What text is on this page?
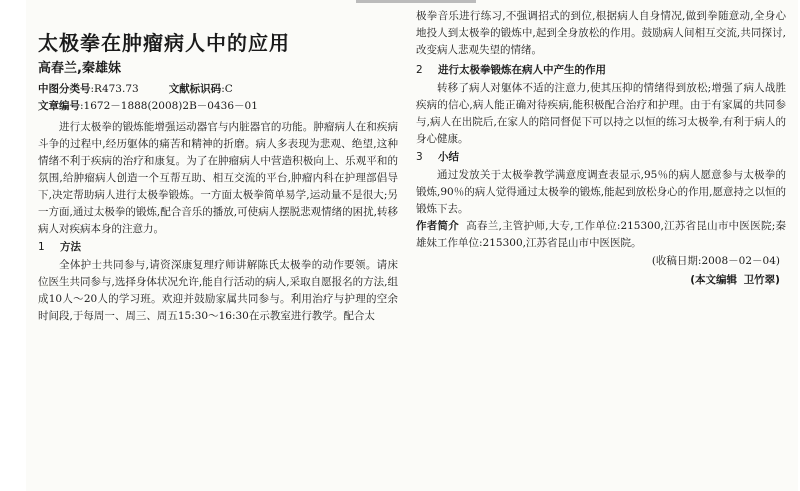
太极拳在肿瘤病人中的应用
高春兰,秦雄妹

中图分类号:R473.73	文献标识码:C

文章编号:1672－1888(2008)2B－0436－01

进行太极拳的锻炼能增强运动器官与内脏器官的功能。肿瘤病人在和疾病斗争的过程中,经历躯体的痛苦和精神的折磨。病人多表现为悲观、绝望,这种情绪不利于疾病的治疗和康复。为了在肿瘤病人中营造积极向上、乐观平和的氛围,给肿瘤病人创造一个互帮互助、相互交流的平台,肿瘤内科在护理部倡导下,决定帮助病人进行太极拳锻炼。一方面太极拳简单易学,运动量不是很大;另一方面,通过太极拳的锻炼,配合音乐的播放,可使病人摆脱悲观情绪的困扰,转移病人对疾病本身的注意力。

1 方法

全体护士共同参与,请资深康复理疗师讲解陈氏太极拳的动作要领。请床位医生共同参与,选择身体状况允许,能自行活动的病人,采取自愿报名的方法,组成10人～20人的学习班。欢迎并鼓励家属共同参与。利用治疗与护理的空余时间段,于每周一、周三、周五15:30～16:30在示教室进行教学。配合太

极拳音乐进行练习,不强调招式的到位,根据病人自身情况,做到拳随意动,全身心地投人到太极拳的锻炼中,起到全身放松的作用。鼓励病人间相互交流,共同探讨,改变病人悲观失望的情绪。

2 进行太极拳锻炼在病人中产生的作用

转移了病人对躯体不适的注意力,使其压抑的情绪得到放松;增强了病人战胜疾病的信心,病人能正确对待疾病,能积极配合治疗和护理。由于有家属的共同参与,病人在出院后,在家人的陪同督促下可以持之以恒的练习太极拳,有利于病人的身心健康。

3 小结

通过发放关于太极拳教学满意度调查表显示,95％的病人愿意参与太极拳的锻炼,90％的病人觉得通过太极拳的锻炼,能起到放松身心的作用,愿意持之以恒的锻炼下去。

作者简介 高春兰,主管护师,大专,工作单位:215300,江苏省昆山市中医医院;秦雄妹工作单位:215300,江苏省昆山市中医医院。

(收稿日期:2008－02－04)

(本文编辑 卫竹翠)
